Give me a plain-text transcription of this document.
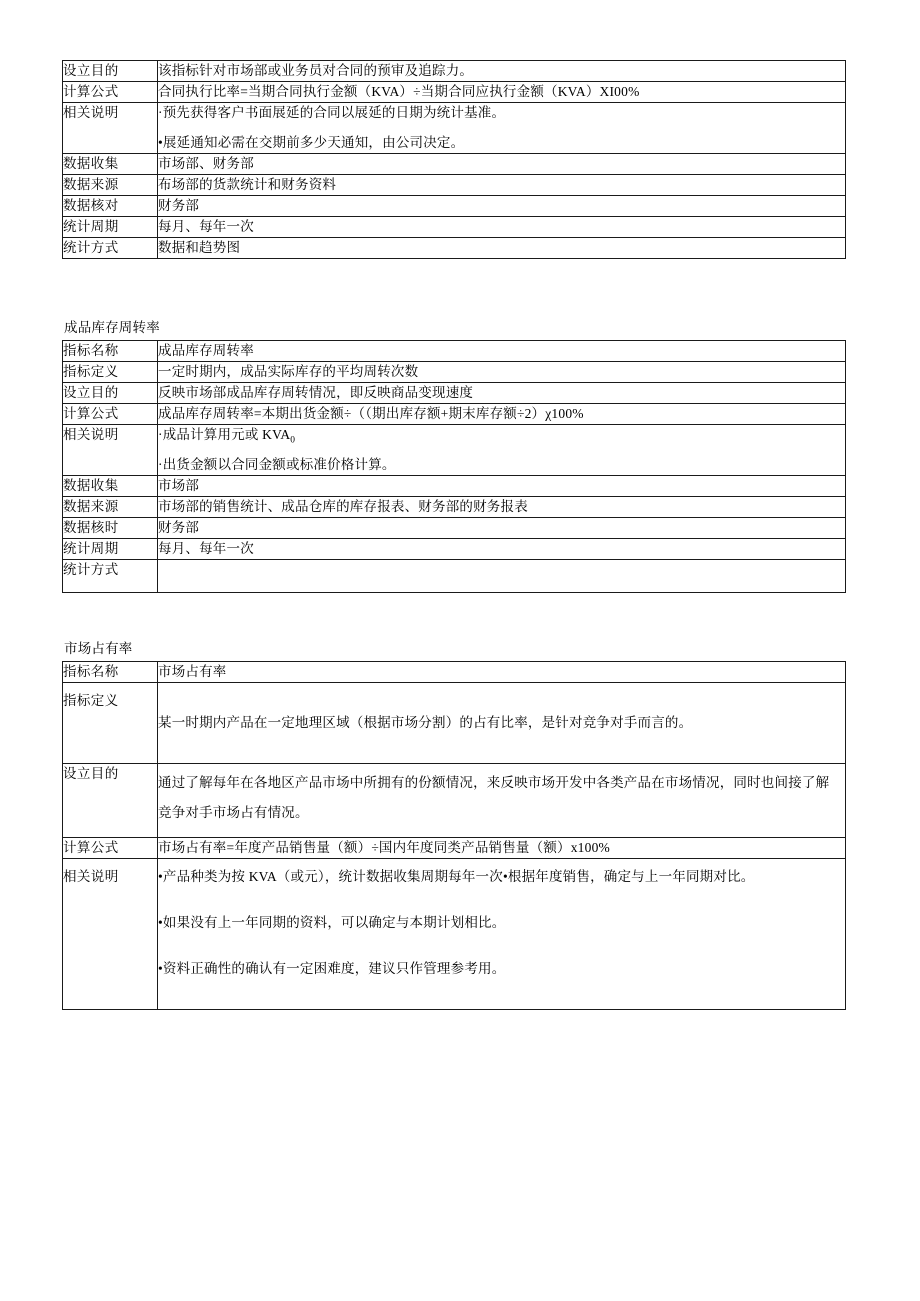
设立目的	该指标针对市场部或业务员对合同的预审及追踪力。

计算公式	合同执行比率=当期合同执行金额（KVA）÷当期合同应执行金额（KVA）XI00%

相关说明	·预先获得客户书面展延的合同以展延的日期为统计基准。
•展延通知必需在交期前多少天通知，由公司决定。

数据收集	市场部、财务部

数据来源	布场部的货款统计和财务资料

数据核对	财务部

统计周期	每月、每年一次

统计方式	数据和趋势图
成品库存周转率
指标名称	成品库存周转率

指标定义	一定时期内，成品实际库存的平均周转次数

设立目的	反映市场部成品库存周转情况，即反映商品变现速度

计算公式	成品库存周转率=本期出货金额÷（（期出库存额+期末库存额÷2）χ100%

相关说明	·成品计算用元或 $KVA_0$
·出货金额以合同金额或标准价格计算。

数据收集	市场部

数据来源	市场部的销售统计、成品仓库的库存报表、财务部的财务报表

数据核时	财务部

统计周期	每月、每年一次

统计方式	
市场占有率
指标名称	市场占有率

指标定义	某一时期内产品在一定地理区域（根据市场分割）的占有比率，是针对竞争对手而言的。

设立目的	通过了解每年在各地区产品市场中所拥有的份额情况，来反映市场开发中各类产品在市场情况，同时也间接了解
竞争对手市场占有情况。

计算公式	市场占有率=年度产品销售量（额）÷国内年度同类产品销售量（额）x100%

相关说明	•产品种类为按 KVA（或元），统计数据收集周期每年一次•根据年度销售，确定与上一年同期对比。
•如果没有上一年同期的资料，可以确定与本期计划相比。
•资料正确性的确认有一定困难度，建议只作管理参考用。
